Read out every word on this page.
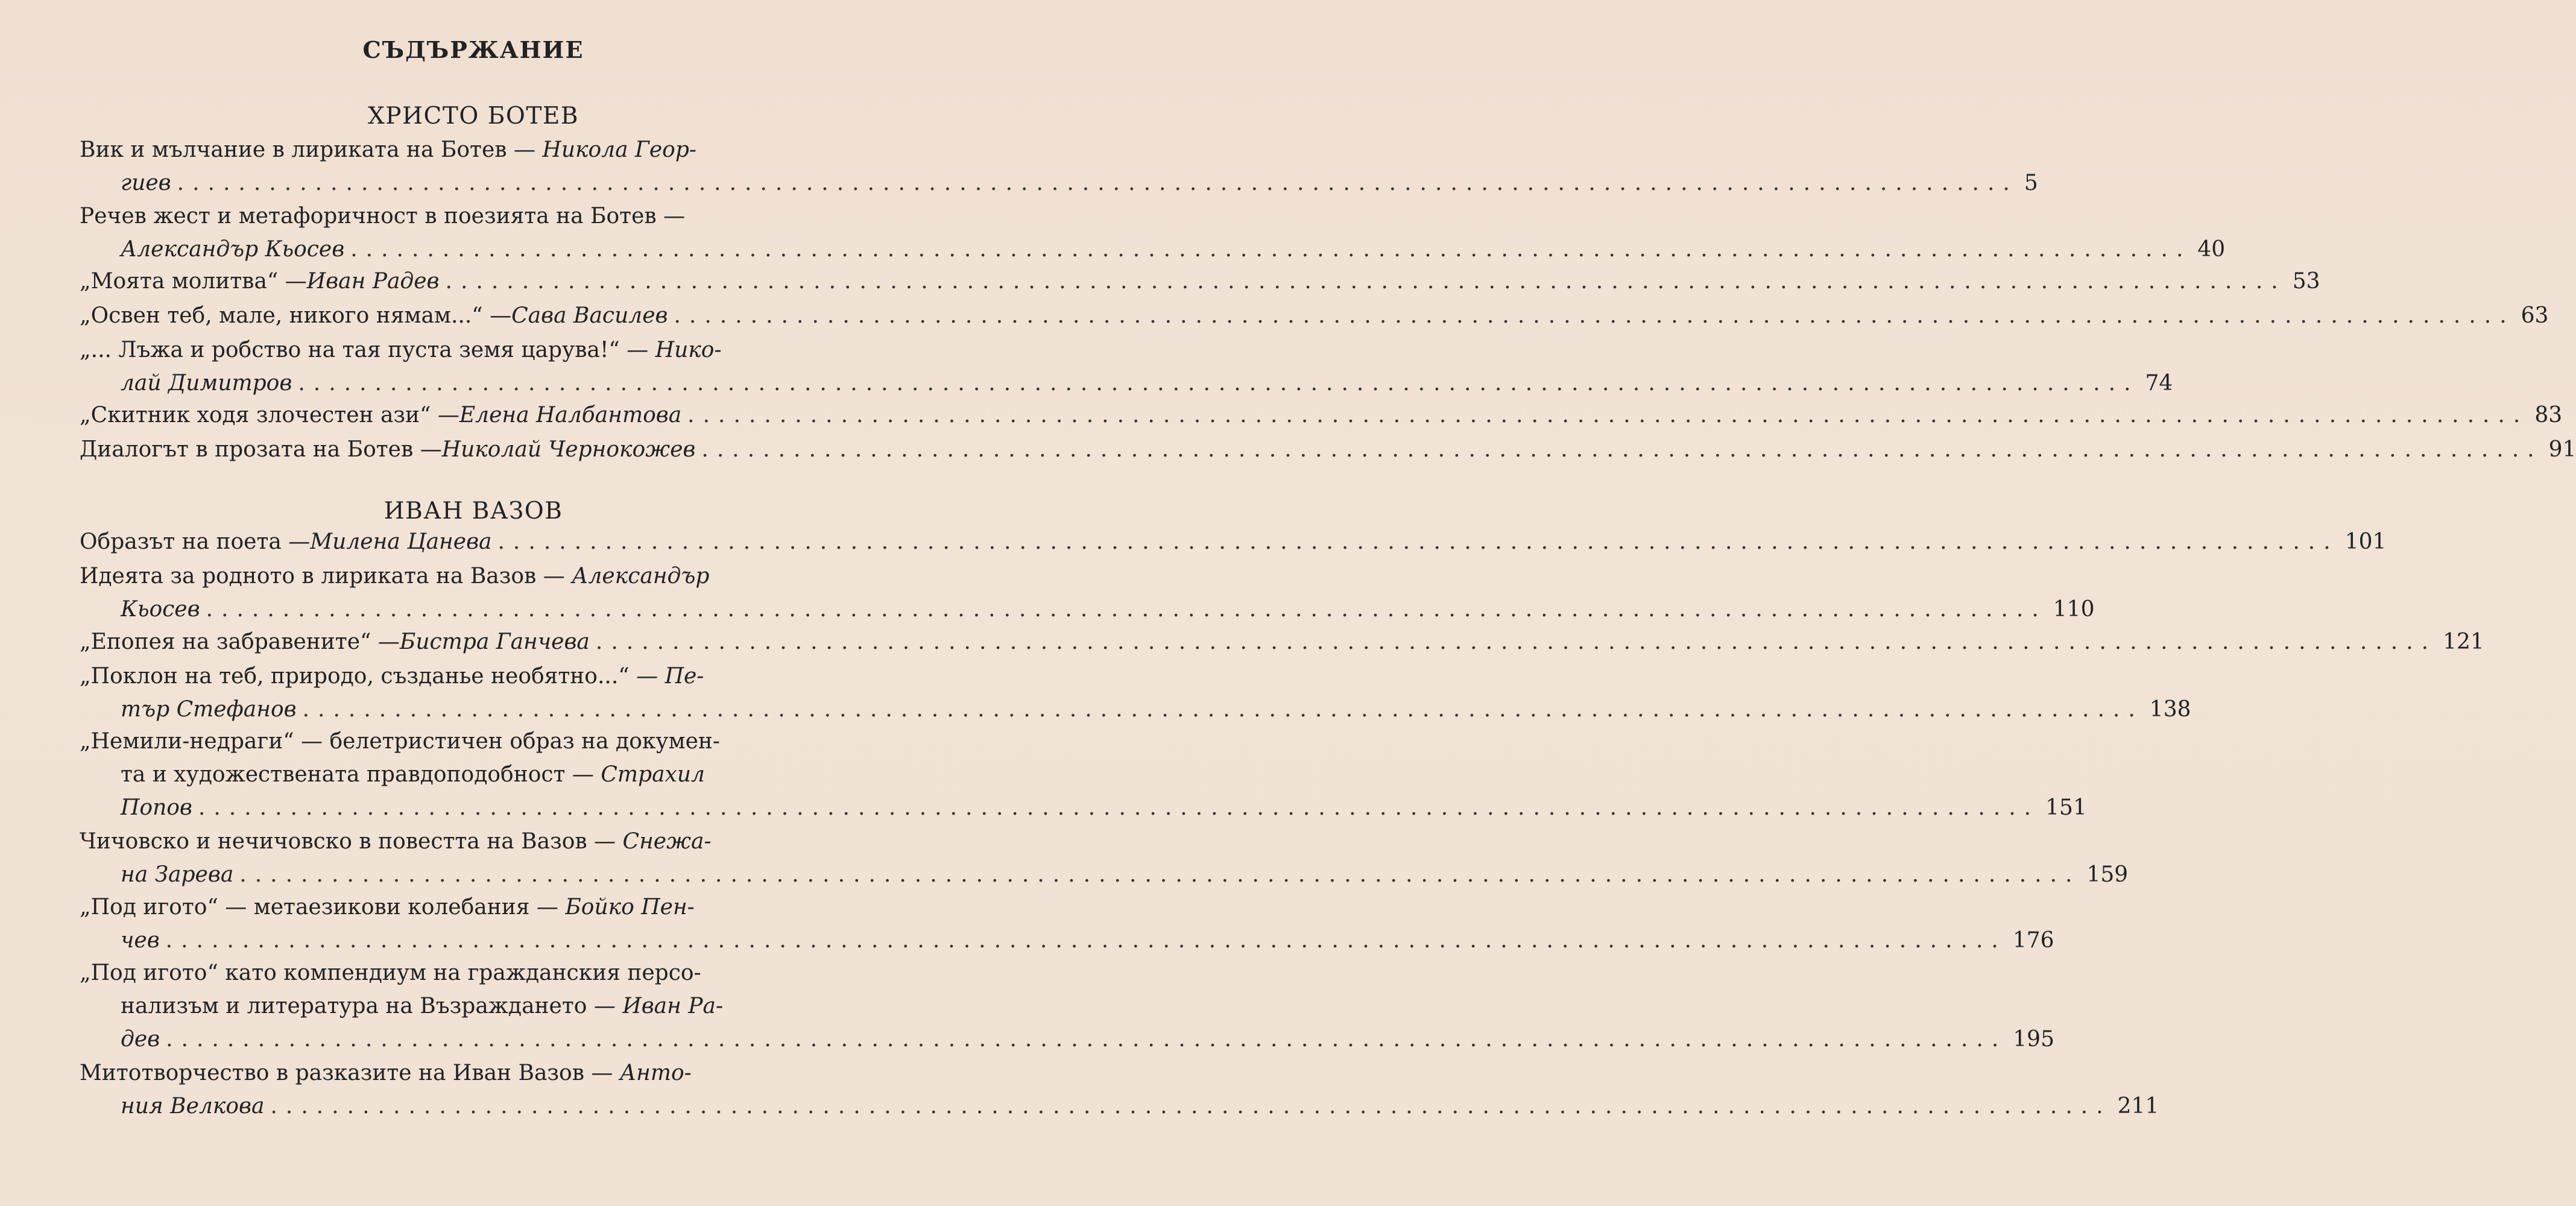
СЪДЪРЖАНИЕ
ХРИСТО БОТЕВ
Вик и мълчание в лириката на Ботев — Никола Геор-
гиев ........................................................................................................................ 5
Речев жест и метафоричност в поезията на Ботев —
Александър Кьосев ........................................................................................................................ 40
„Моята молитва“ — Иван Радев ........................................................................................................................ 53
„Освен теб, мале, никого нямам...“ — Сава Василев ........................................................................................................................ 63
„... Лъжа и робство на тая пуста земя царува!“ — Нико-
лай Димитров ........................................................................................................................ 74
„Скитник ходя злочестен ази“ — Елена Налбантова ........................................................................................................................ 83
Диалогът в прозата на Ботев — Николай Чернокожев ........................................................................................................................ 91
ИВАН ВАЗОВ
Образът на поета — Милена Цанева ........................................................................................................................ 101
Идеята за родното в лириката на Вазов — Александър
Кьосев ........................................................................................................................ 110
„Епопея на забравените“ — Бистра Ганчева ........................................................................................................................ 121
„Поклон на теб, природо, създанье необятно...“ — Пе-
тър Стефанов ........................................................................................................................ 138
„Немили-недраги“ — белетристичен образ на докумен-
та и художествената правдоподобност — Страхил
Попов ........................................................................................................................ 151
Чичовско и нечичовско в повестта на Вазов — Снежа-
на Зарева ........................................................................................................................ 159
„Под игото“ — метаезикови колебания — Бойко Пен-
чев ........................................................................................................................ 176
„Под игото“ като компендиум на гражданския персо-
нализъм и литература на Възраждането — Иван Ра-
дев ........................................................................................................................ 195
Митотворчество в разказите на Иван Вазов — Анто-
ния Велкова ........................................................................................................................ 211
